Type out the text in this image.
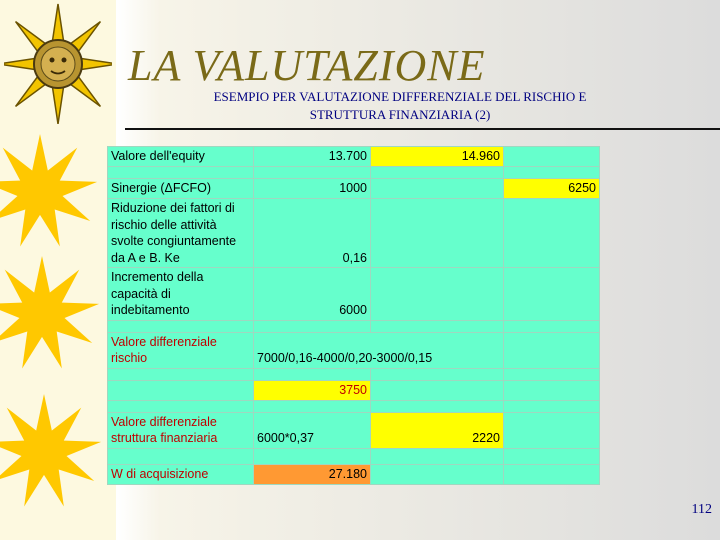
LA VALUTAZIONE
ESEMPIO PER VALUTAZIONE DIFFERENZIALE DEL RISCHIO E
STRUTTURA FINANZIARIA (2)
Valore dell'equity	13.700	14.960	

Sinergie (ΔFCFO)	1000		6250
Riduzione dei fattori di rischio delle attività svolte congiuntamente da A e B. Ke	0,16		
Incremento della capacità di indebitamento	6000		

Valore differenziale rischio	7000/0,16-4000/0,20-3000/0,15		

	3750		

Valore differenziale struttura finanziaria	6000*0,37	2220	

W di acquisizione	27.180		
112
